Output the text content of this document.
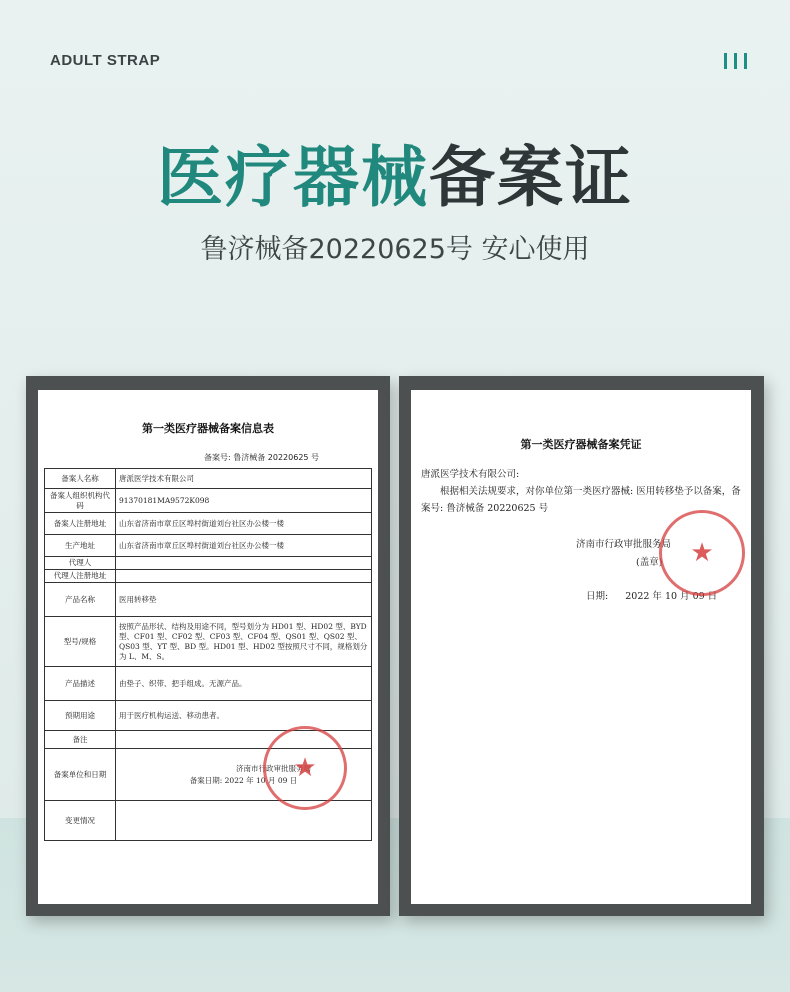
ADULT STRAP
医疗器械备案证
鲁济械备20220625号 安心使用
第一类医疗器械备案信息表
备案号: 鲁济械备 20220625 号
备案人名称	唐派医学技术有限公司
备案人组织机构代码	91370181MA9572K098
备案人注册地址	山东省济南市章丘区埠村街道刘台社区办公楼一楼
生产地址	山东省济南市章丘区埠村街道刘台社区办公楼一楼
代理人	
代理人注册地址	
产品名称	医用转移垫
型号/规格	按照产品形状、结构及用途不同，型号划分为 HD01 型、HD02 型、BYD 型、CF01 型、CF02 型、CF03 型、CF04 型、QS01 型、QS02 型、QS03 型、YT 型、BD 型。HD01 型、HD02 型按照尺寸不同，规格划分为 L、M、S。
产品描述	由垫子、织带、把手组成。无源产品。
预期用途	用于医疗机构运送、移动患者。
备注	
备案单位和日期	济南市行政审批服务局
备案日期: 2022 年 10 月 09 日

变更情况	
★
第一类医疗器械备案凭证
唐派医学技术有限公司:
根据相关法规要求，对你单位第一类医疗器械: 医用转移垫予以备案，备案号: 鲁济械备 20220625 号
济南市行政审批服务局
(盖章)
日期: 2022 年 10 月 09 日
★
